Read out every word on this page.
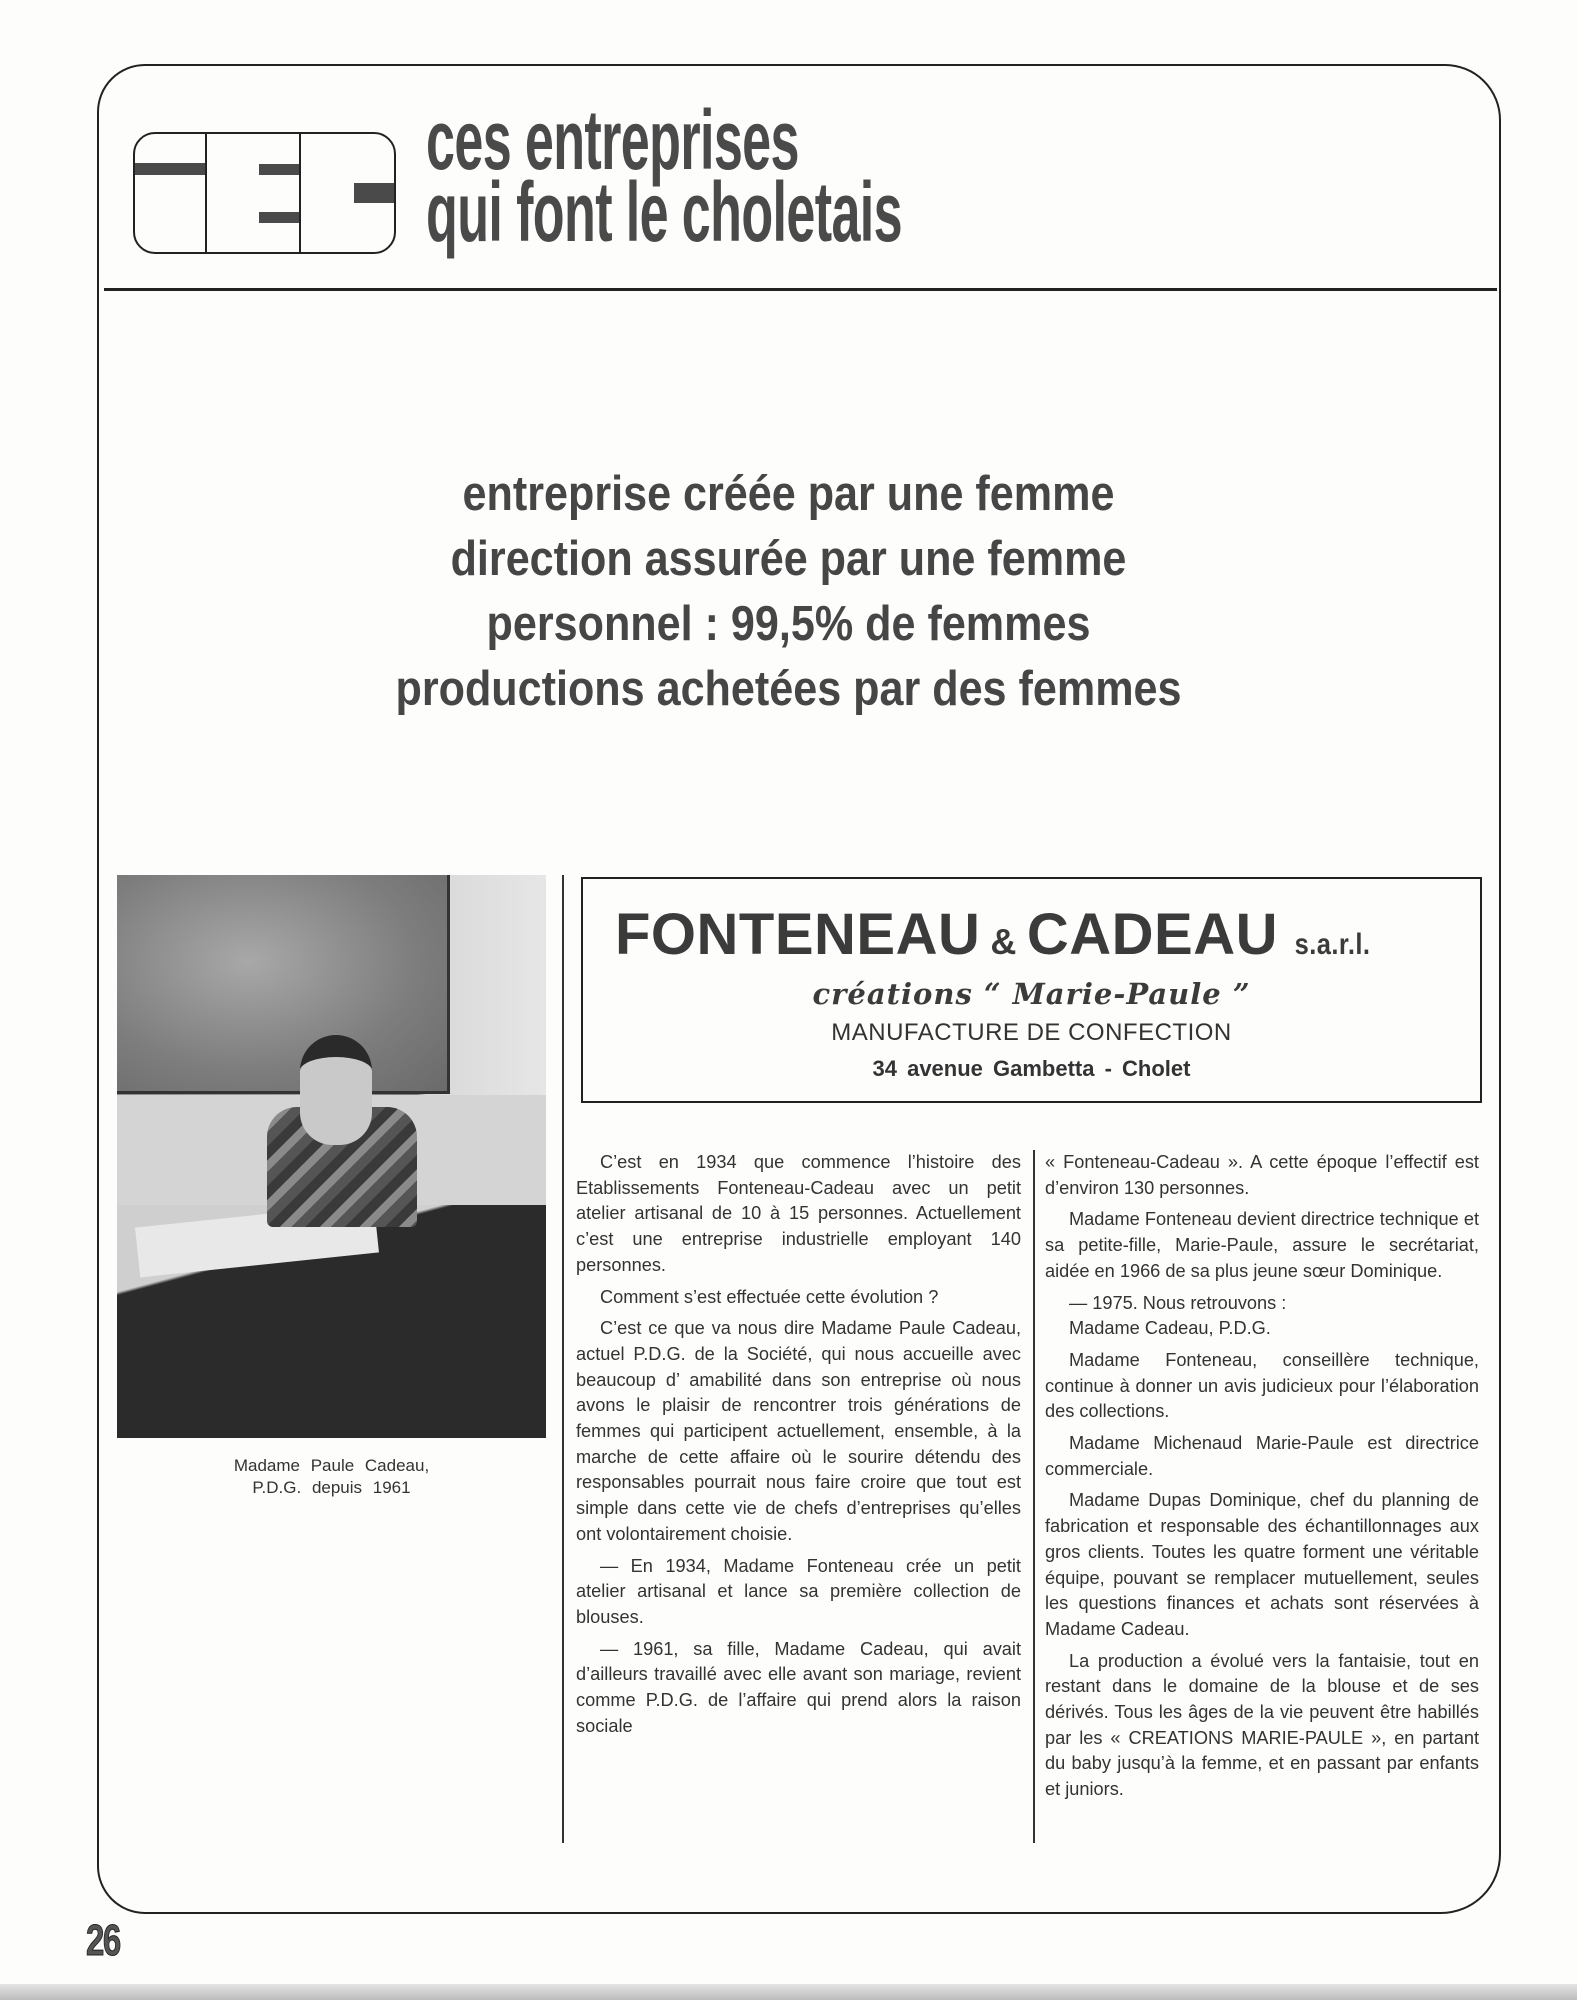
ces entreprises
qui font le choletais
entreprise créée par une femme
direction assurée par une femme
personnel : 99,5% de femmes
productions achetées par des femmes
Madame Paule Cadeau,
P.D.G. depuis 1961
FONTENEAU & CADEAU s.a.r.l.
créations “ Marie-Paule ”
MANUFACTURE DE CONFECTION
34 avenue Gambetta - Cholet

C’est en 1934 que commence l’histoire des Etablissements Fonteneau-Cadeau avec un petit atelier artisanal de 10 à 15 personnes. Actuellement c’est une entreprise industrielle employant 140 personnes.

Comment s’est effectuée cette évolution ?

C’est ce que va nous dire Madame Paule Cadeau, actuel P.D.G. de la Société, qui nous accueille avec beaucoup d’ amabilité dans son entreprise où nous avons le plaisir de rencontrer trois générations de femmes qui participent actuellement, ensemble, à la marche de cette affaire où le sourire détendu des responsables pourrait nous faire croire que tout est simple dans cette vie de chefs d’entreprises qu’elles ont volontairement choisie.

— En 1934, Madame Fonteneau crée un petit atelier artisanal et lance sa première collection de blouses.

— 1961, sa fille, Madame Cadeau, qui avait d’ailleurs travaillé avec elle avant son mariage, revient comme P.D.G. de l’affaire qui prend alors la raison sociale

« Fonteneau-Cadeau ». A cette époque l’effectif est d’environ 130 personnes.

Madame Fonteneau devient directrice technique et sa petite-fille, Marie-Paule, assure le secrétariat, aidée en 1966 de sa plus jeune sœur Dominique.

— 1975. Nous retrouvons :

Madame Cadeau, P.D.G.

Madame Fonteneau, conseillère technique, continue à donner un avis judicieux pour l’élaboration des collections.

Madame Michenaud Marie-Paule est directrice commerciale.

Madame Dupas Dominique, chef du planning de fabrication et responsable des échantillonnages aux gros clients. Toutes les quatre forment une véritable équipe, pouvant se remplacer mutuellement, seules les questions finances et achats sont réservées à Madame Cadeau.

La production a évolué vers la fantaisie, tout en restant dans le domaine de la blouse et de ses dérivés. Tous les âges de la vie peuvent être habillés par les « CREATIONS MARIE-PAULE », en partant du baby jusqu’à la femme, et en passant par enfants et juniors.

26
